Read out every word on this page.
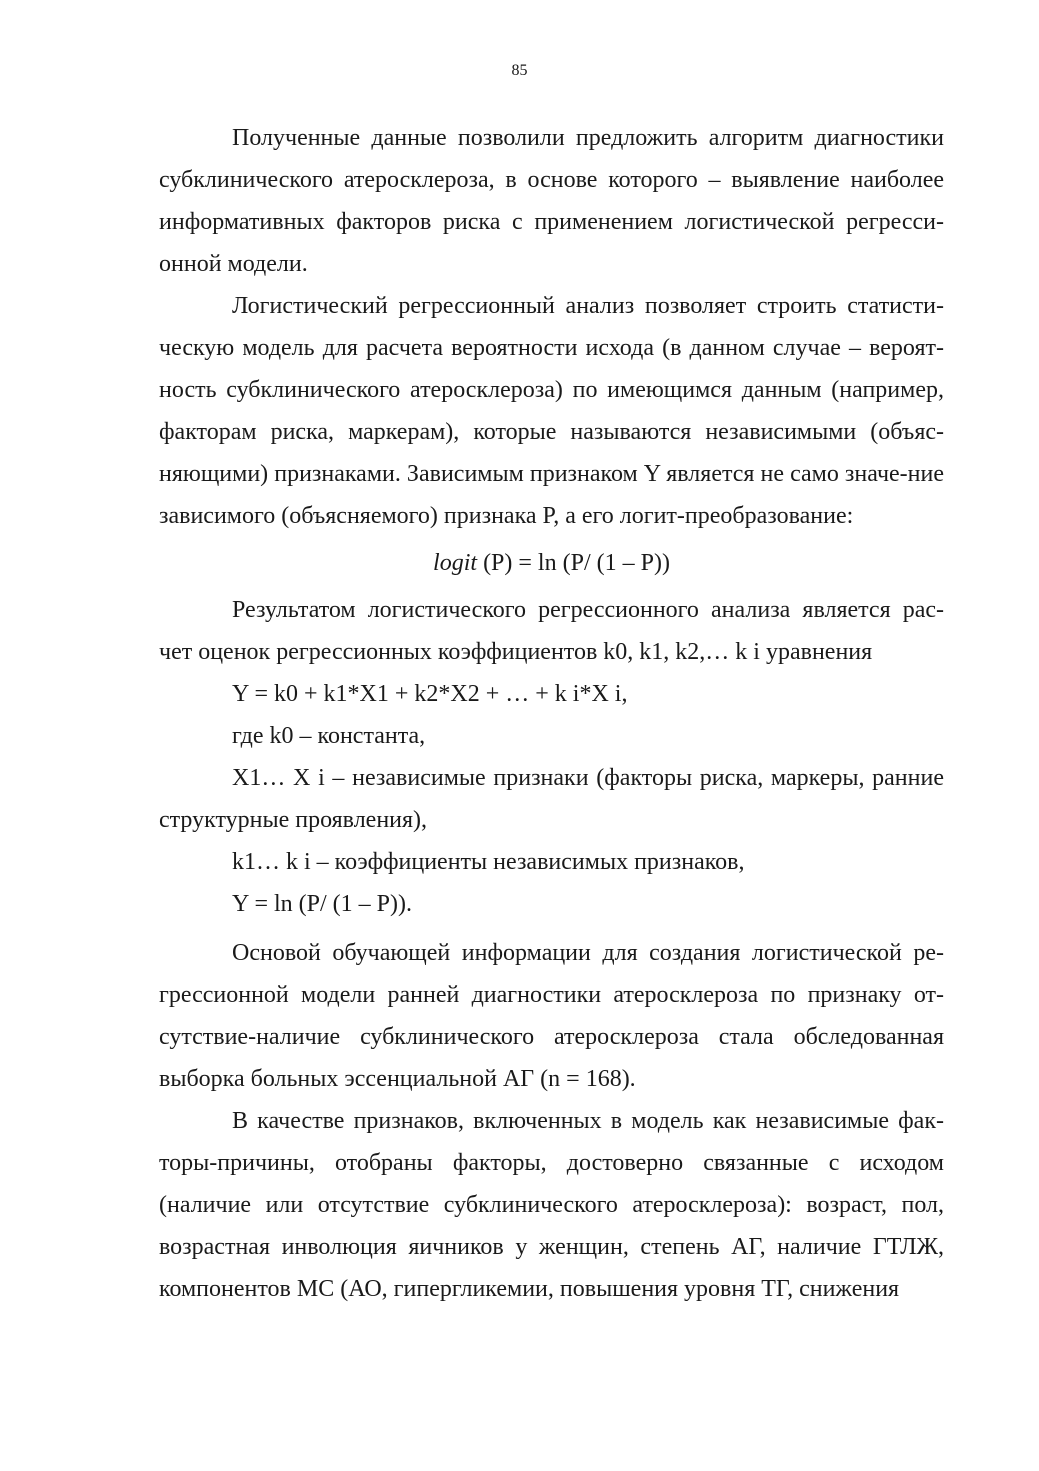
85

Полученные данные позволили предложить алгоритм диагностики субклинического атеросклероза, в основе которого – выявление наиболее информативных факторов риска с применением логистической регресси-онной модели.

Логистический регрессионный анализ позволяет строить статисти-ческую модель для расчета вероятности исхода (в данном случае – вероят-ность субклинического атеросклероза) по имеющимся данным (например, факторам риска, маркерам), которые называются независимыми (объяс-няющими) признаками. Зависимым признаком Y является не само значе-ние зависимого (объясняемого) признака P, а его логит-преобразование:

logit (P) = ln (P/ (1 – P))

Результатом логистического регрессионного анализа является рас-чет оценок регрессионных коэффициентов k0, k1, k2,… k i уравнения

Y = k0 + k1*X1 + k2*X2 + … + k i*X i,

где k0 – константа,

X1… X i – независимые признаки (факторы риска, маркеры, ранние структурные проявления),

k1… k i – коэффициенты независимых признаков,

Y = ln (P/ (1 – P)).

Основой обучающей информации для создания логистической ре-грессионной модели ранней диагностики атеросклероза по признаку от-сутствие-наличие субклинического атеросклероза стала обследованная выборка больных эссенциальной АГ (n = 168).

В качестве признаков, включенных в модель как независимые фак-торы-причины, отобраны факторы, достоверно связанные с исходом (наличие или отсутствие субклинического атеросклероза): возраст, пол, возрастная инволюция яичников у женщин, степень АГ, наличие ГТЛЖ, компонентов МС (АО, гипергликемии, повышения уровня ТГ, снижения
